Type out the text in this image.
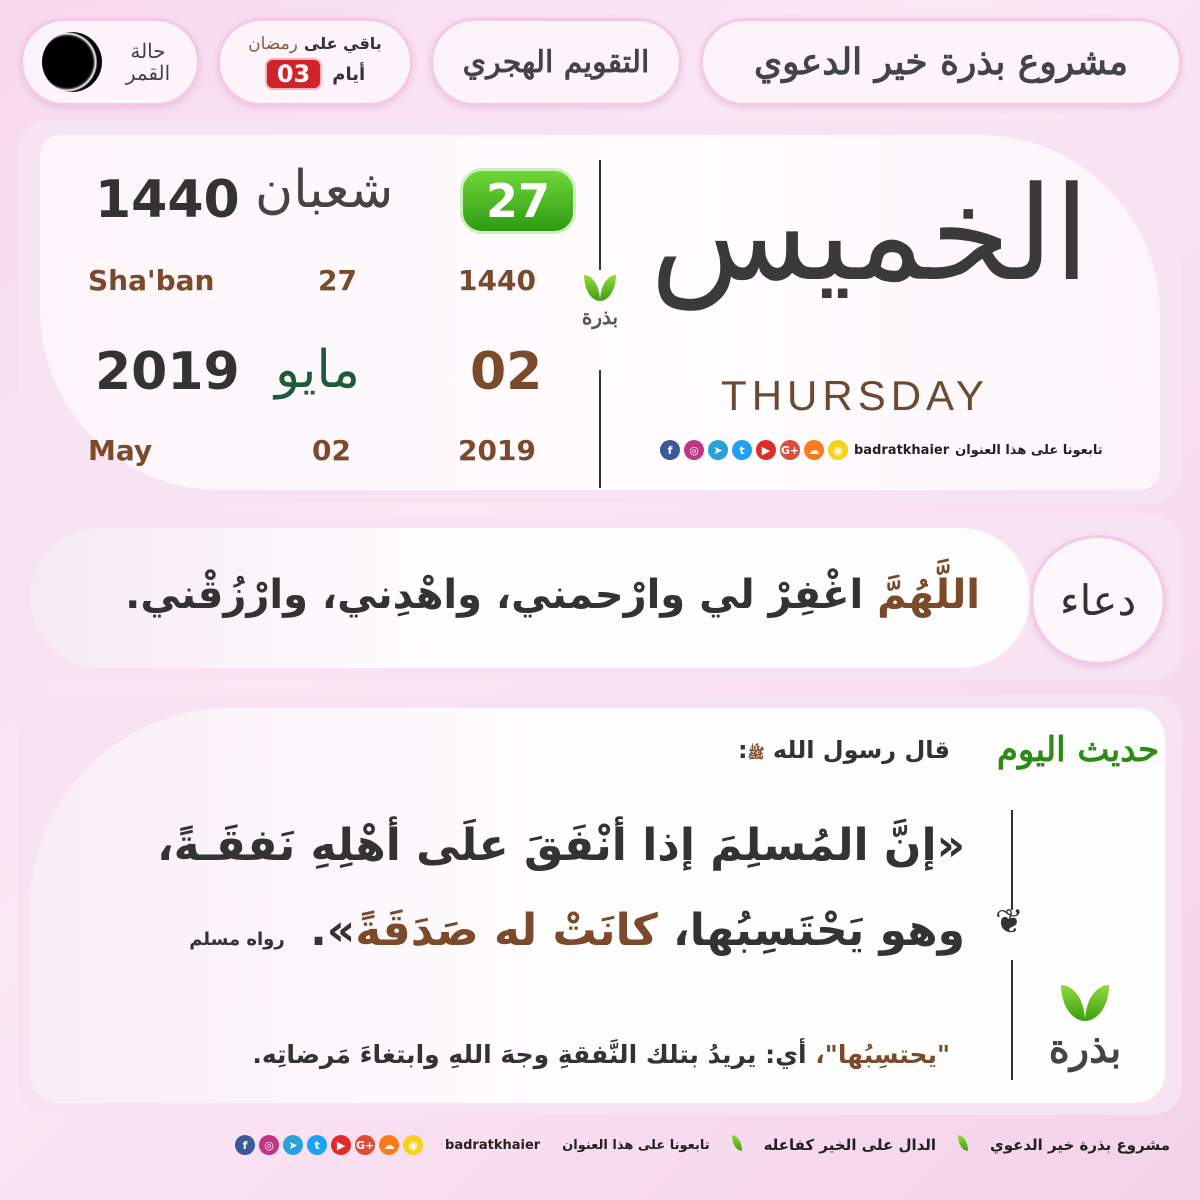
مشروع بذرة خير الدعوي
التقويم الهجري
باقي على
رمضان
أيام
03
حالة القمر
1440 شعبان	27
Sha'ban	27	1440
2019 مايو 02
May	02	2019
بذرة
الخميس
THURSDAY
f	◎	➤	t	▶ G+ ☁	◉ badratkhaier تابعونا على هذا العنوان
دعاء
اللَّهُمَّ اغْفِرْ لي وارْحمني، واهْدِني، وارْزُقْني.
حديث اليوم
قال رسول الله ﷺ:
«إنَّ المُسلِمَ إذا أنْفَقَ علَى أهْلِهِ نَفقَـةً،
وهو يَحْتَسِبُها، كانَتْ له صَدَقَةً». رواه مسلم
"يحتسِبُها"، أي: يريدُ بتلك النَّفقةِ وجهَ اللهِ وابتغاءَ مَرضاتِه.
❦
بذرة
مشروع بذرة خير الدعوي
الدال على الخير كفاعله
تابعونا على هذا العنوان
badratkhaier
f	◎	➤	t	▶ G+ ☁	◉
